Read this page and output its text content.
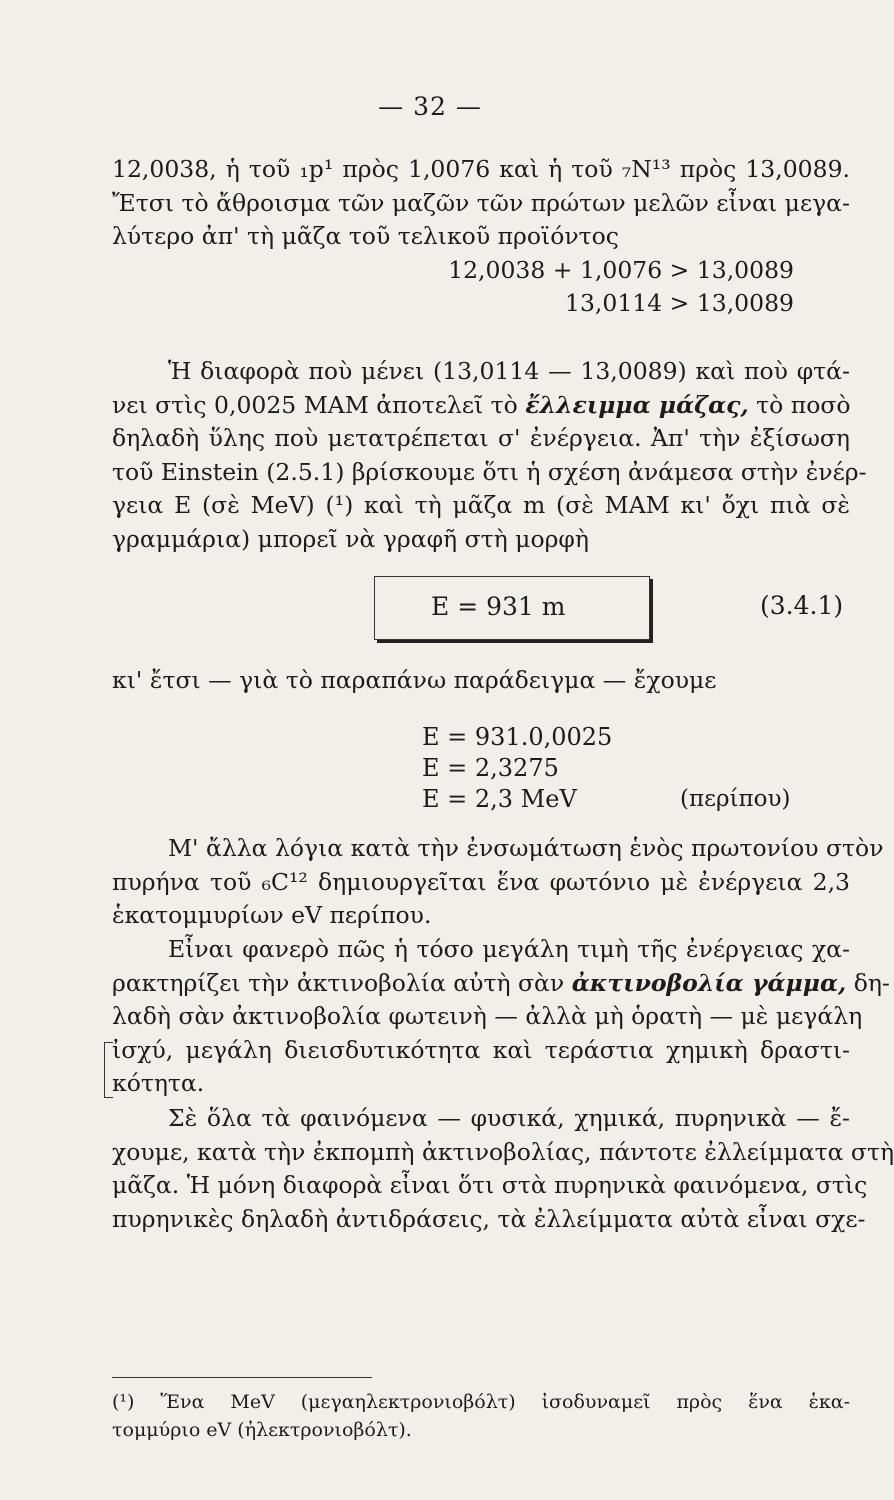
— 32 —
12,0038, ἡ τοῦ ₁p¹ πρὸς 1,0076 καὶ ἡ τοῦ ₇N¹³ πρὸς 13,0089.
Ἔτσι τὸ ἄθροισμα τῶν μαζῶν τῶν πρώτων μελῶν εἶναι μεγα-
λύτερο ἀπ' τὴ μᾶζα τοῦ τελικοῦ προϊόντος
12,0038 + 1,0076 > 13,0089
13,0114 > 13,0089
Ἡ διαφορὰ ποὺ μένει (13,0114 — 13,0089) καὶ ποὺ φτά-
νει στὶς 0,0025 MAM ἀποτελεῖ τὸ ἔλλειμμα μάζας, τὸ ποσὸ
δηλαδὴ ὕλης ποὺ μετατρέπεται σ' ἐνέργεια. Ἀπ' τὴν ἐξίσωση
τοῦ Einstein (2.5.1) βρίσκουμε ὅτι ἡ σχέση ἀνάμεσα στὴν ἐνέρ-
γεια E (σὲ MeV) (¹) καὶ τὴ μᾶζα m (σὲ MAM κι' ὄχι πιὰ σὲ
γραμμάρια) μπορεῖ νὰ γραφῆ στὴ μορφὴ
E = 931 m	(3.4.1)
κι' ἔτσι — γιὰ τὸ παραπάνω παράδειγμα — ἔχουμε
E = 931.0,0025
E = 2,3275
E = 2,3 MeV	(περίπου)
Μ' ἄλλα λόγια κατὰ τὴν ἐνσωμάτωση ἑνὸς πρωτονίου στὸν
πυρήνα τοῦ ₆C¹² δημιουργεῖται ἕνα φωτόνιο μὲ ἐνέργεια 2,3
ἑκατομμυρίων eV περίπου.
Εἶναι φανερὸ πῶς ἡ τόσο μεγάλη τιμὴ τῆς ἐνέργειας χα-
ρακτηρίζει τὴν ἀκτινοβολία αὐτὴ σὰν ἀκτινοβολία γάμμα, δη-
λαδὴ σὰν ἀκτινοβολία φωτεινὴ — ἀλλὰ μὴ ὁρατὴ — μὲ μεγάλη
ἰσχύ, μεγάλη διεισδυτικότητα καὶ τεράστια χημικὴ δραστι-
κότητα.
Σὲ ὅλα τὰ φαινόμενα — φυσικά, χημικά, πυρηνικὰ — ἔ-
χουμε, κατὰ τὴν ἐκπομπὴ ἀκτινοβολίας, πάντοτε ἐλλείμματα στὴ
μᾶζα. Ἡ μόνη διαφορὰ εἶναι ὅτι στὰ πυρηνικὰ φαινόμενα, στὶς
πυρηνικὲς δηλαδὴ ἀντιδράσεις, τὰ ἐλλείμματα αὐτὰ εἶναι σχε-
(¹) Ἕνα MeV (μεγαηλεκτρονιοβόλτ) ἰσοδυναμεῖ πρὸς ἕνα ἑκα-
τομμύριο eV (ἠλεκτρονιοβόλτ).
